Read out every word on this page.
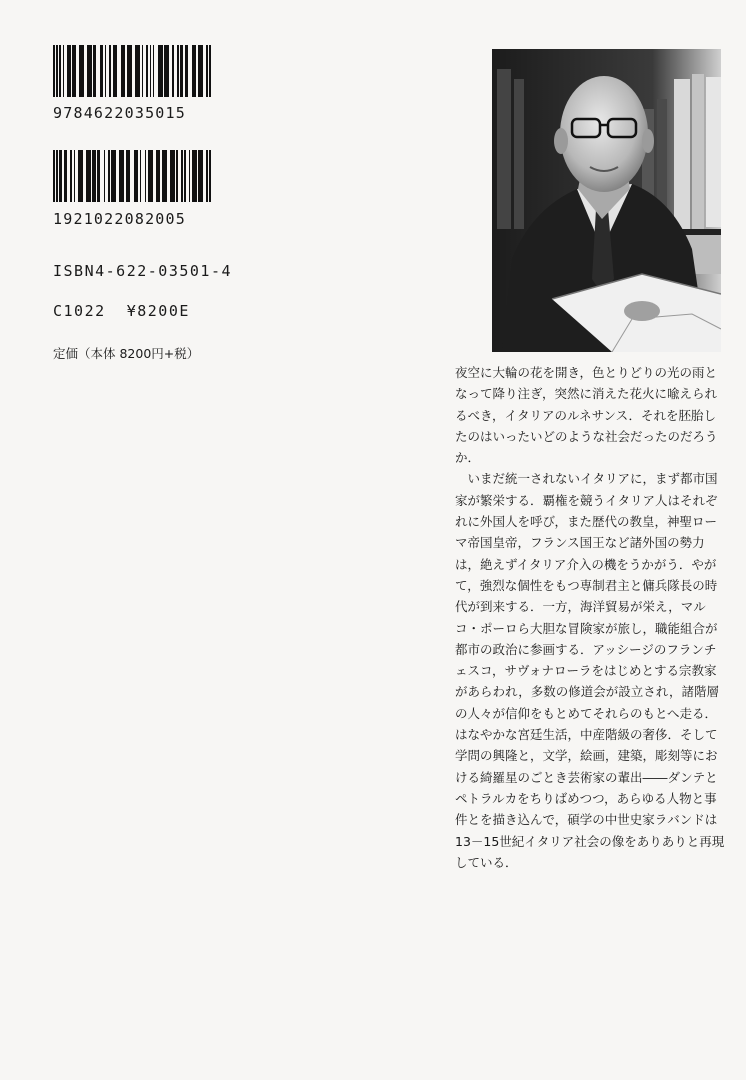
9784622035015
1921022082005
ISBN4-622-03501-4
C1022  ¥8200E
定価（本体 8200円+税）

夜空に大輪の花を開き，色とりどりの光の雨となって降り注ぎ，突然に消えた花火に喩えられるべき，イタリアのルネサンス．それを胚胎したのはいったいどのような社会だったのだろうか．

いまだ統一されないイタリアに，まず都市国家が繁栄する．覇権を競うイタリア人はそれぞれに外国人を呼び，また歴代の教皇，神聖ローマ帝国皇帝，フランス国王など諸外国の勢力は，絶えずイタリア介入の機をうかがう．やがて，強烈な個性をもつ専制君主と傭兵隊長の時代が到来する．一方，海洋貿易が栄え，マルコ・ポーロら大胆な冒険家が旅し，職能組合が都市の政治に参画する．アッシージのフランチェスコ，サヴォナローラをはじめとする宗教家があらわれ，多数の修道会が設立され，諸階層の人々が信仰をもとめてそれらのもとへ走る．はなやかな宮廷生活，中産階級の奢侈．そして学問の興隆と，文学，絵画，建築，彫刻等における綺羅星のごとき芸術家の輩出――ダンテとペトラルカをちりばめつつ，あらゆる人物と事件とを描き込んで，碩学の中世史家ラバンドは13－15世紀イタリア社会の像をありありと再現している．
